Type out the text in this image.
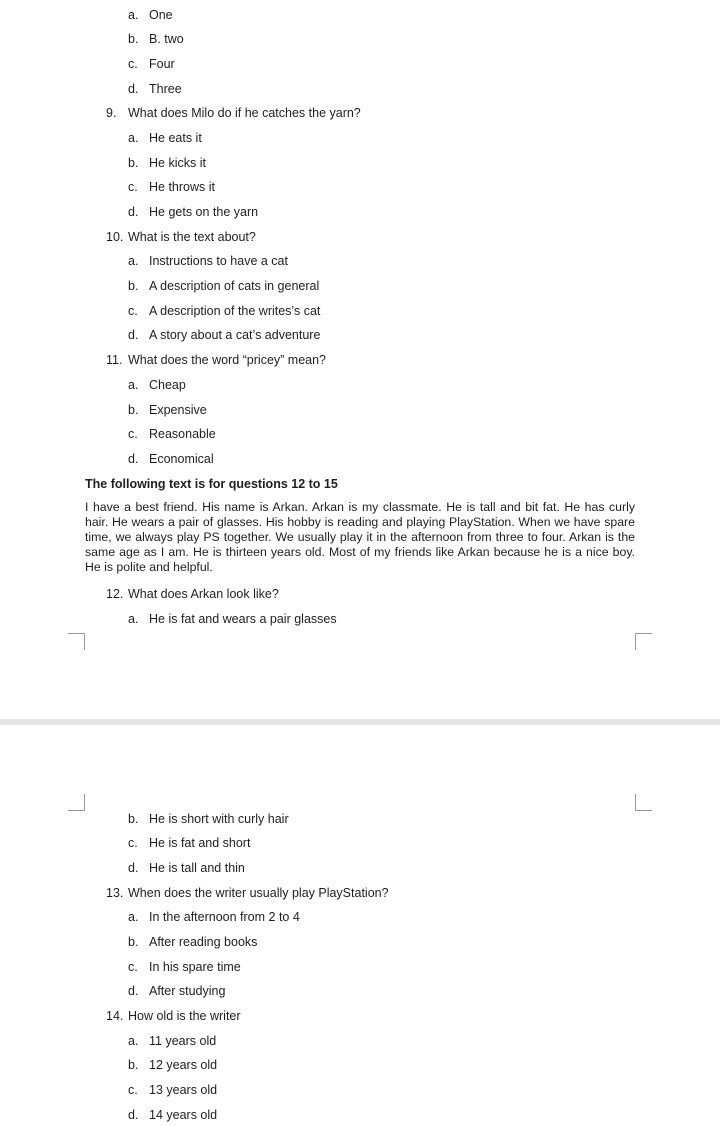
a. One
b. B. two
c. Four
d. Three
9. What does Milo do if he catches the yarn?
a. He eats it
b. He kicks it
c. He throws it
d. He gets on the yarn
10. What is the text about?
a. Instructions to have a cat
b. A description of cats in general
c. A description of the writes’s cat
d. A story about a cat’s adventure
11. What does the word “pricey” mean?
a. Cheap
b. Expensive
c. Reasonable
d. Economical
The following text is for questions 12 to 15
I have a best friend. His name is Arkan. Arkan is my classmate. He is tall and bit fat. He has curly hair. He wears a pair of glasses. His hobby is reading and playing PlayStation. When we have spare time, we always play PS together. We usually play it in the afternoon from three to four. Arkan is the same age as I am. He is thirteen years old. Most of my friends like Arkan because he is a nice boy. He is polite and helpful.
12. What does Arkan look like?
a. He is fat and wears a pair glasses
b. He is short with curly hair
c. He is fat and short
d. He is tall and thin
13. When does the writer usually play PlayStation?
a. In the afternoon from 2 to 4
b. After reading books
c. In his spare time
d. After studying
14. How old is the writer
a. 11 years old
b. 12 years old
c. 13 years old
d. 14 years old
